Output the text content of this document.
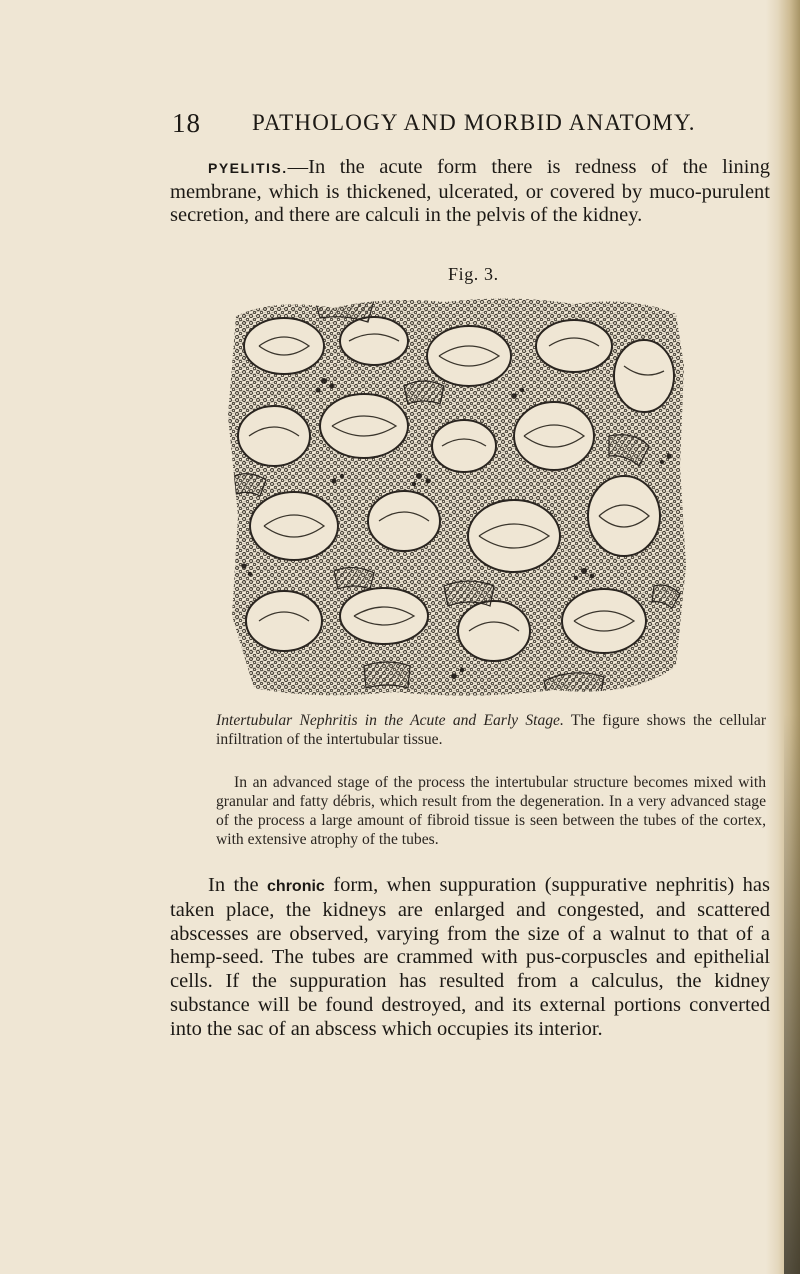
18 PATHOLOGY AND MORBID ANATOMY.

PYELITIS.—In the acute form there is redness of the lining membrane, which is thickened, ulcerated, or covered by muco-purulent secretion, and there are calculi in the pelvis of the kidney.

Fig. 3.

Intertubular Nephritis in the Acute and Early Stage. The figure shows the cellular infiltration of the intertubular tissue.

In an advanced stage of the process the intertubular structure becomes mixed with granular and fatty débris, which result from the degeneration. In a very advanced stage of the process a large amount of fibroid tissue is seen between the tubes of the cortex, with extensive atrophy of the tubes.

In the chronic form, when suppuration (suppurative nephritis) has taken place, the kidneys are enlarged and congested, and scattered abscesses are observed, varying from the size of a walnut to that of a hemp-seed. The tubes are crammed with pus-corpuscles and epithelial cells. If the suppuration has resulted from a calculus, the kidney substance will be found destroyed, and its external portions converted into the sac of an abscess which occupies its interior.
